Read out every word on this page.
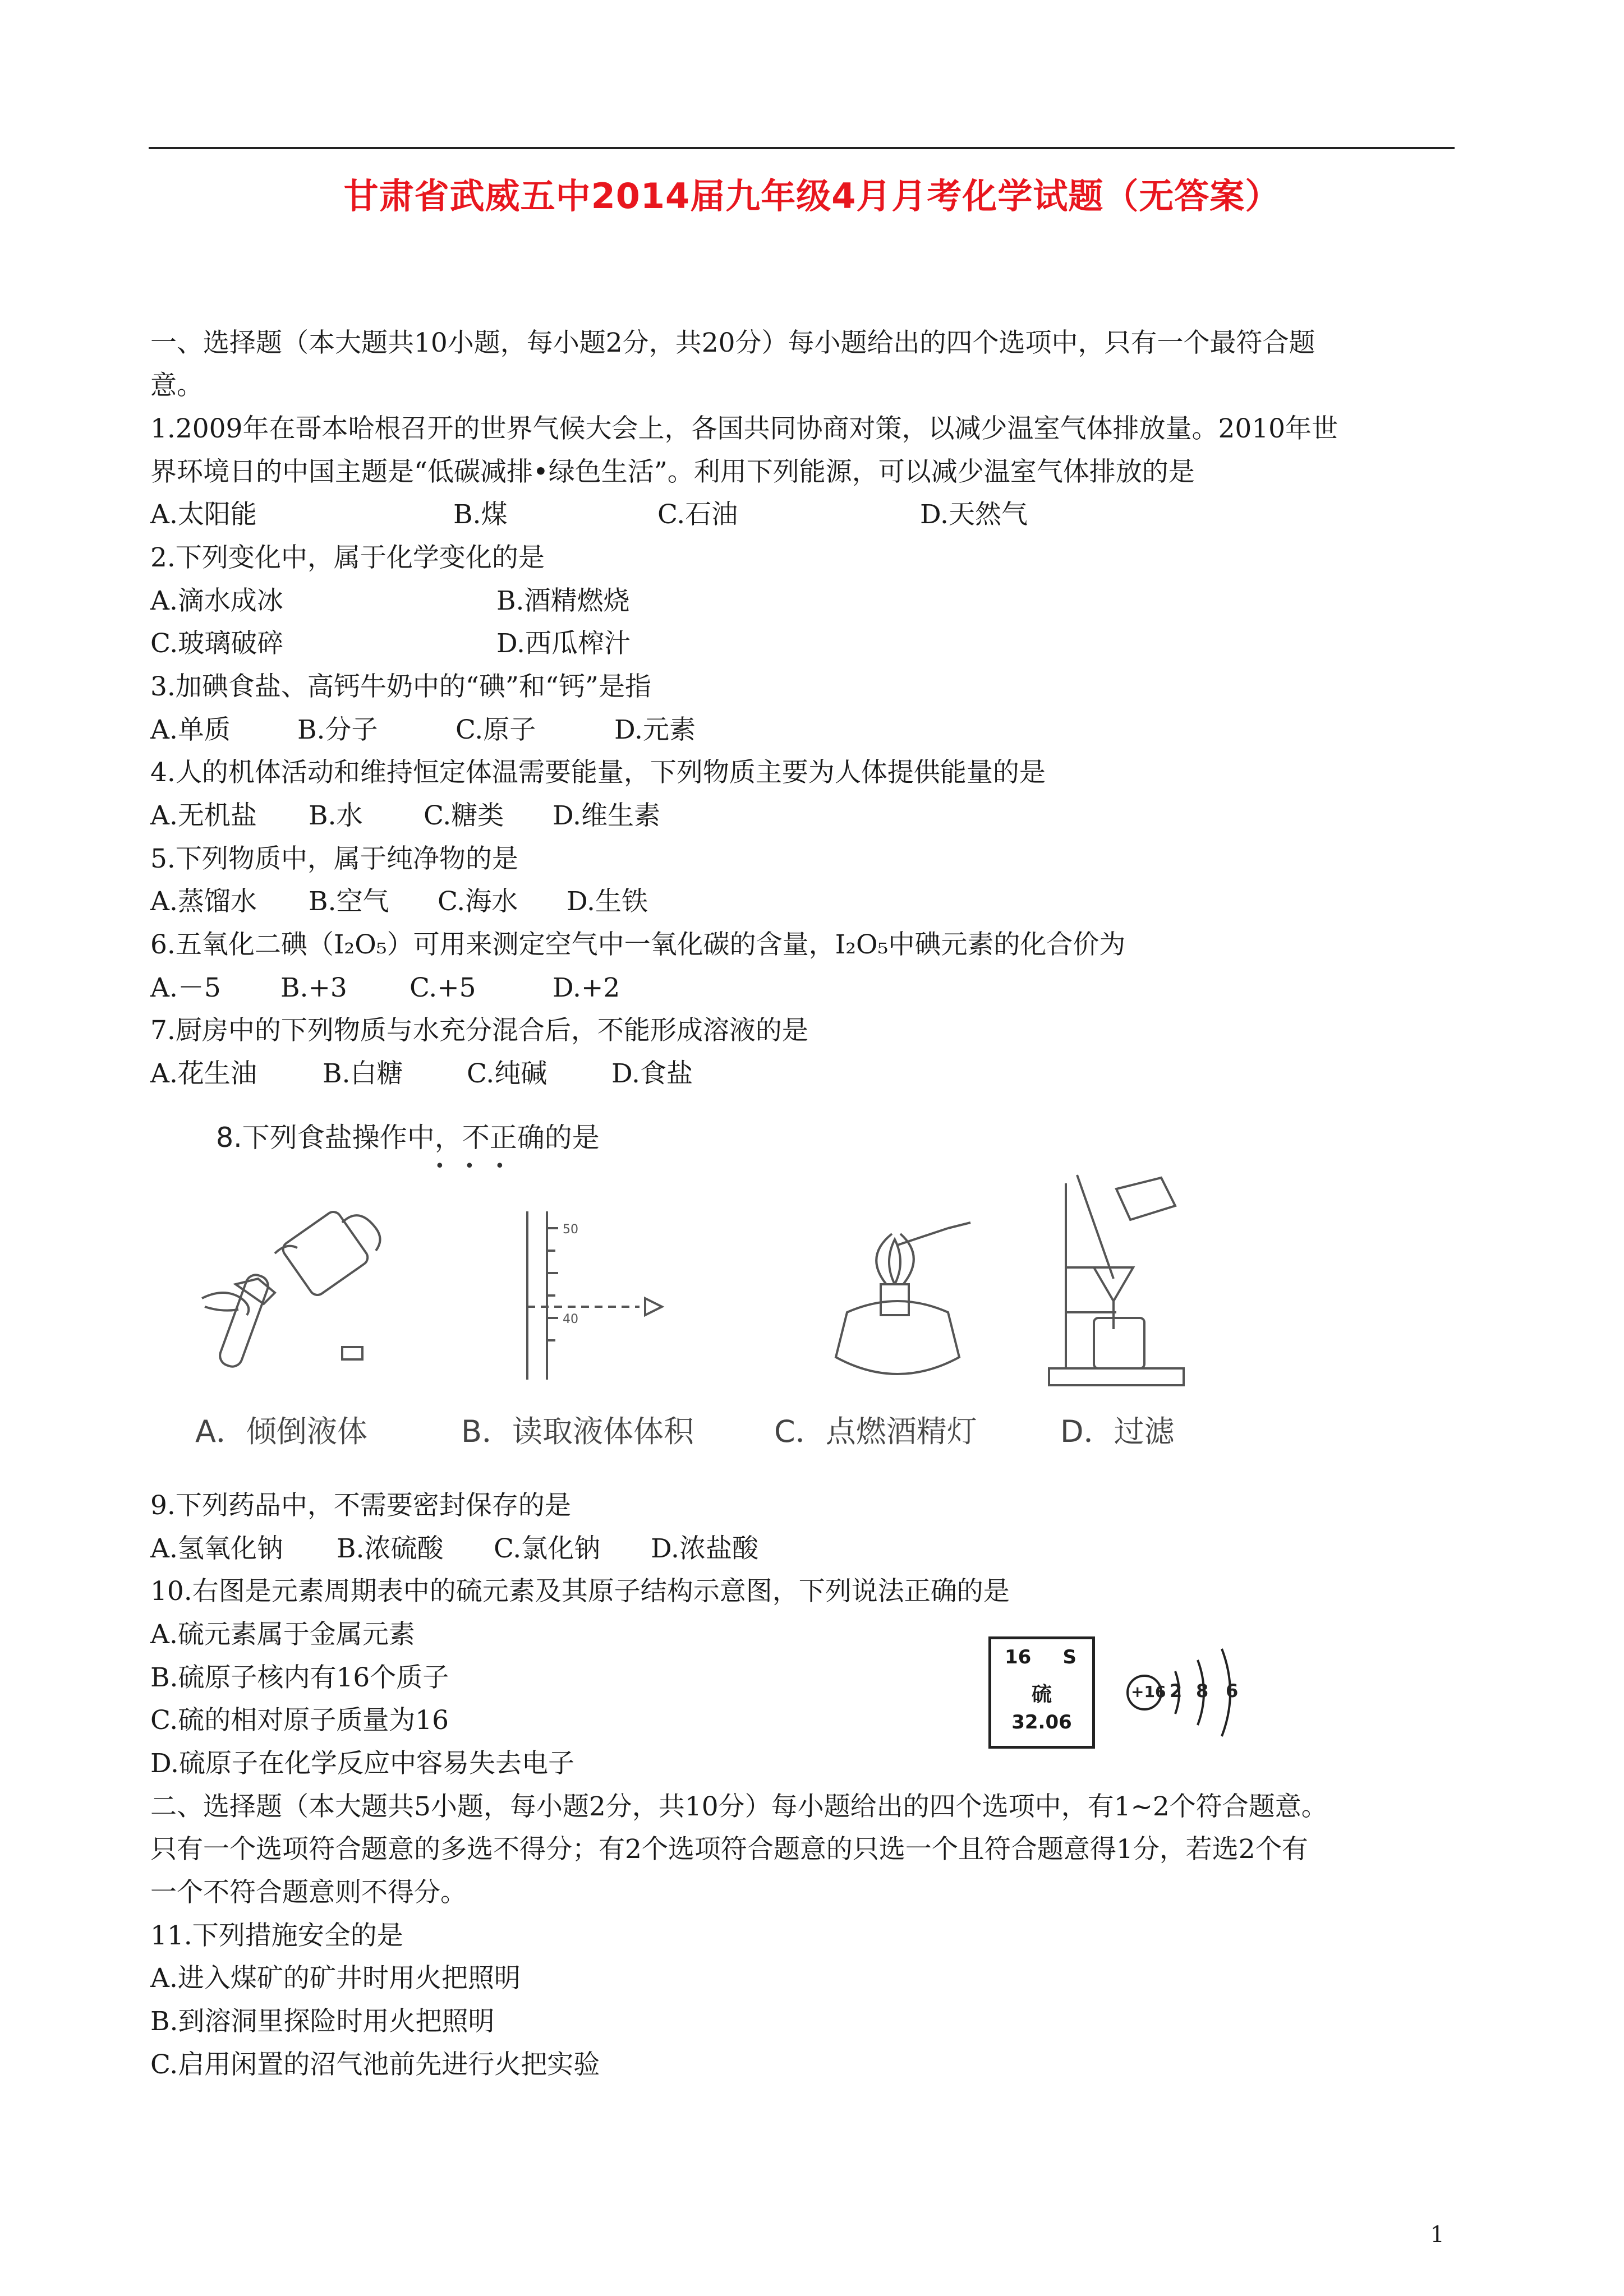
甘肃省武威五中2014届九年级4月月考化学试题（无答案）
一、选择题（本大题共10小题，每小题2分，共20分）每小题给出的四个选项中，只有一个最符合题
意。
1.2009年在哥本哈根召开的世界气候大会上，各国共同协商对策，以减少温室气体排放量。2010年世
界环境日的中国主题是“低碳减排•绿色生活”。利用下列能源，可以减少温室气体排放的是
A.太阳能	B.煤	C.石油	D.天然气
2.下列变化中，属于化学变化的是
A.滴水成冰	B.酒精燃烧
C.玻璃破碎	D.西瓜榨汁
3.加碘食盐、高钙牛奶中的“碘”和“钙”是指
A.单质	B.分子	C.原子	D.元素
4.人的机体活动和维持恒定体温需要能量，下列物质主要为人体提供能量的是
A.无机盐 B.水 C.糖类 D.维生素
5.下列物质中，属于纯净物的是
A.蒸馏水 B.空气 C.海水 D.生铁
6.五氧化二碘（I₂O₅）可用来测定空气中一氧化碳的含量，I₂O₅中碘元素的化合价为
A.－5 B.+3 C.+5	D.+2
7.厨房中的下列物质与水充分混合后，不能形成溶液的是
A.花生油 B.白糖 C.纯碱 D.食盐
8.下列食盐操作中，不正确的是
• • •
50
40
A．倾倒液体	B．读取液体体积	C．点燃酒精灯	D．过滤
9.下列药品中，不需要密封保存的是
A.氢氧化钠 B.浓硫酸 C.氯化钠 D.浓盐酸
10.右图是元素周期表中的硫元素及其原子结构示意图，下列说法正确的是
A.硫元素属于金属元素
B.硫原子核内有16个质子
C.硫的相对原子质量为16
D.硫原子在化学反应中容易失去电子
16 S
硫
32.06
+16 2 8 6
二、选择题（本大题共5小题，每小题2分，共10分）每小题给出的四个选项中，有1~2个符合题意。
只有一个选项符合题意的多选不得分；有2个选项符合题意的只选一个且符合题意得1分，若选2个有
一个不符合题意则不得分。
11.下列措施安全的是
A.进入煤矿的矿井时用火把照明
B.到溶洞里探险时用火把照明
C.启用闲置的沼气池前先进行火把实验
1
